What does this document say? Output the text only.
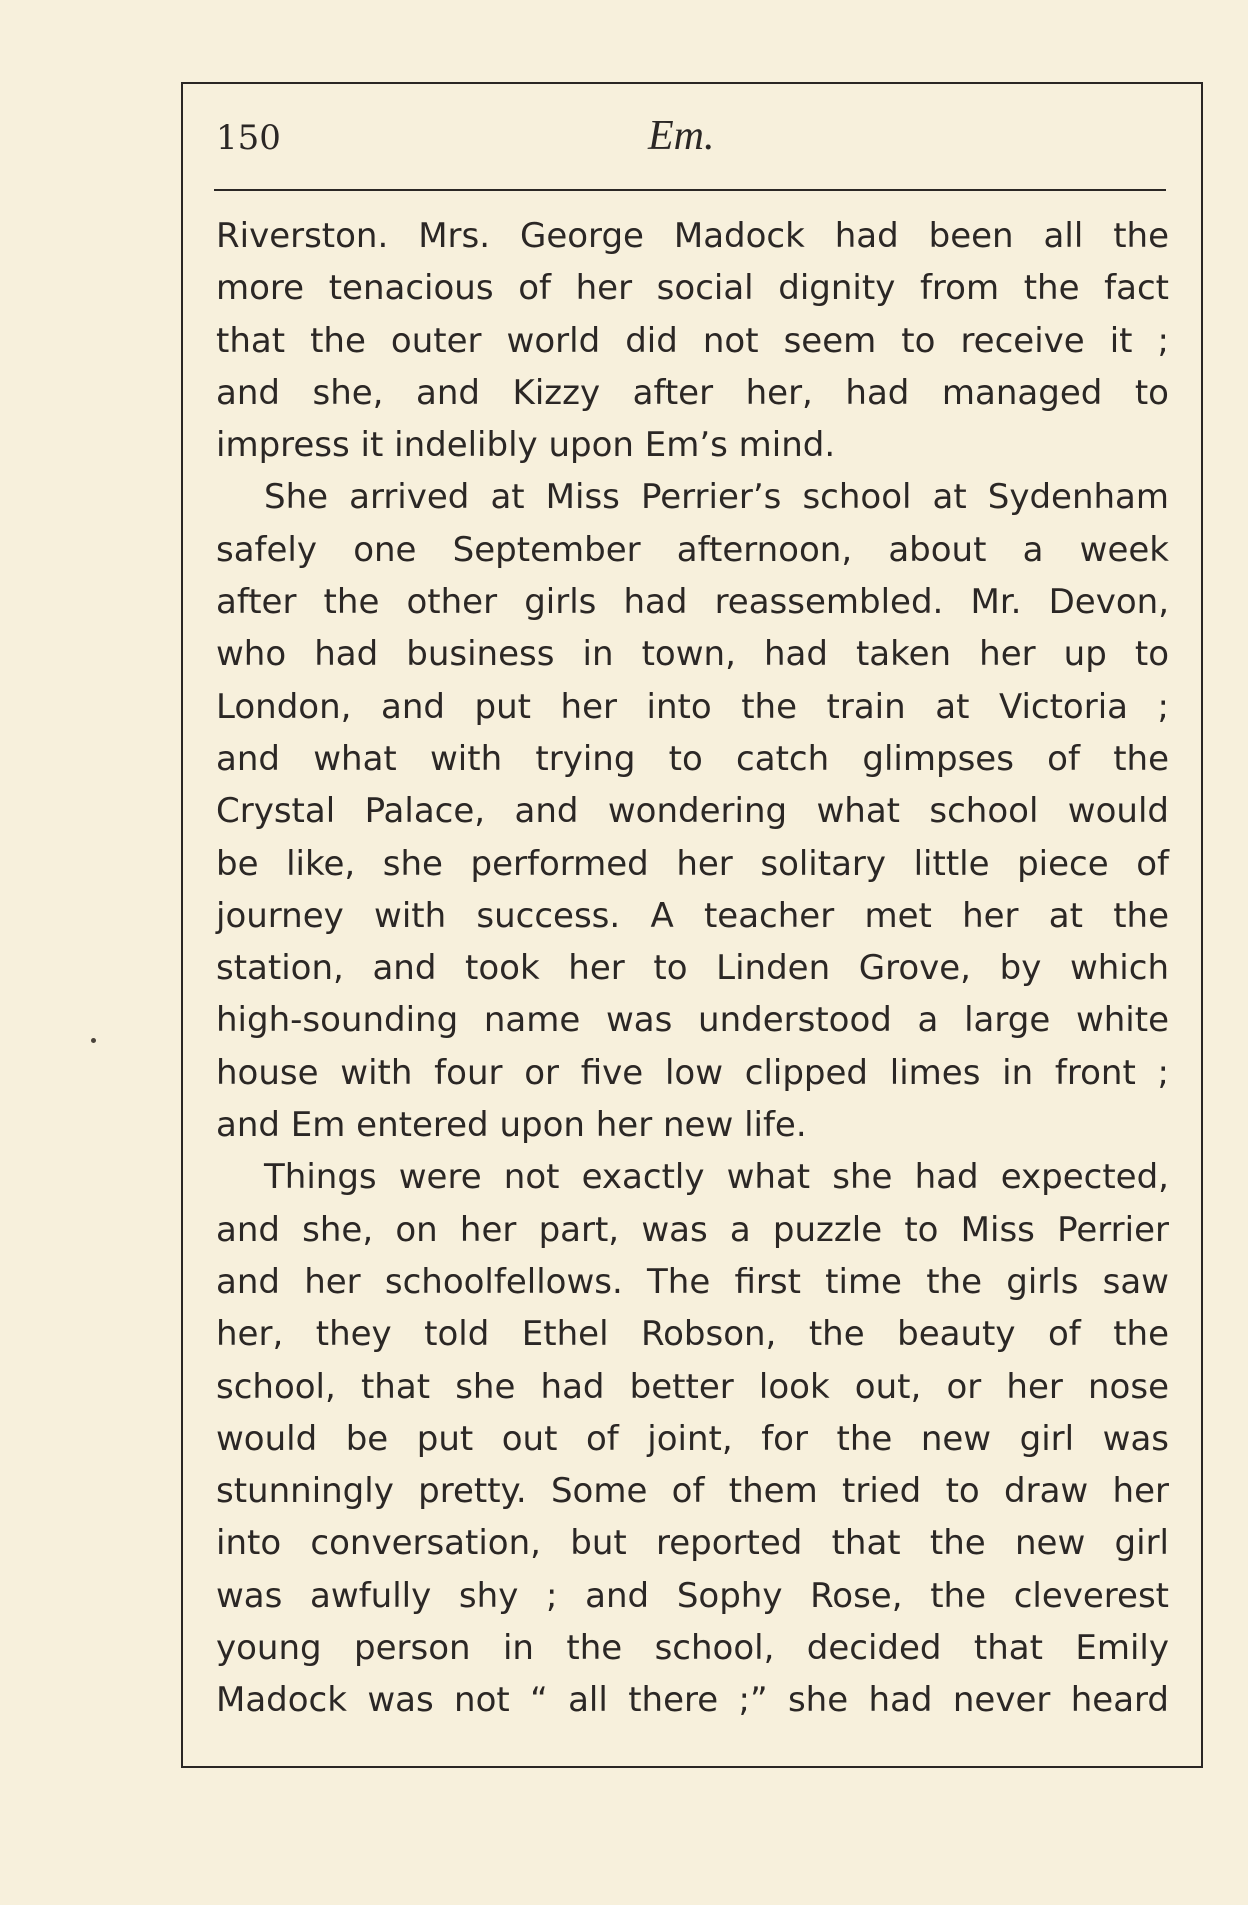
150	Em.
Riverston. Mrs. George Madock had been all the
more tenacious of her social dignity from the fact
that the outer world did not seem to receive it ;
and she, and Kizzy after her, had managed to
impress it indelibly upon Em’s mind.
She arrived at Miss Perrier’s school at Sydenham
safely one September afternoon, about a week
after the other girls had reassembled. Mr. Devon,
who had business in town, had taken her up to
London, and put her into the train at Victoria ;
and what with trying to catch glimpses of the
Crystal Palace, and wondering what school would
be like, she performed her solitary little piece of
journey with success. A teacher met her at the
station, and took her to Linden Grove, by which
high-sounding name was understood a large white
house with four or five low clipped limes in front ;
and Em entered upon her new life.
Things were not exactly what she had expected,
and she, on her part, was a puzzle to Miss Perrier
and her schoolfellows. The first time the girls saw
her, they told Ethel Robson, the beauty of the
school, that she had better look out, or her nose
would be put out of joint, for the new girl was
stunningly pretty. Some of them tried to draw her
into conversation, but reported that the new girl
was awfully shy ; and Sophy Rose, the cleverest
young person in the school, decided that Emily
Madock was not “ all there ;” she had never heard
